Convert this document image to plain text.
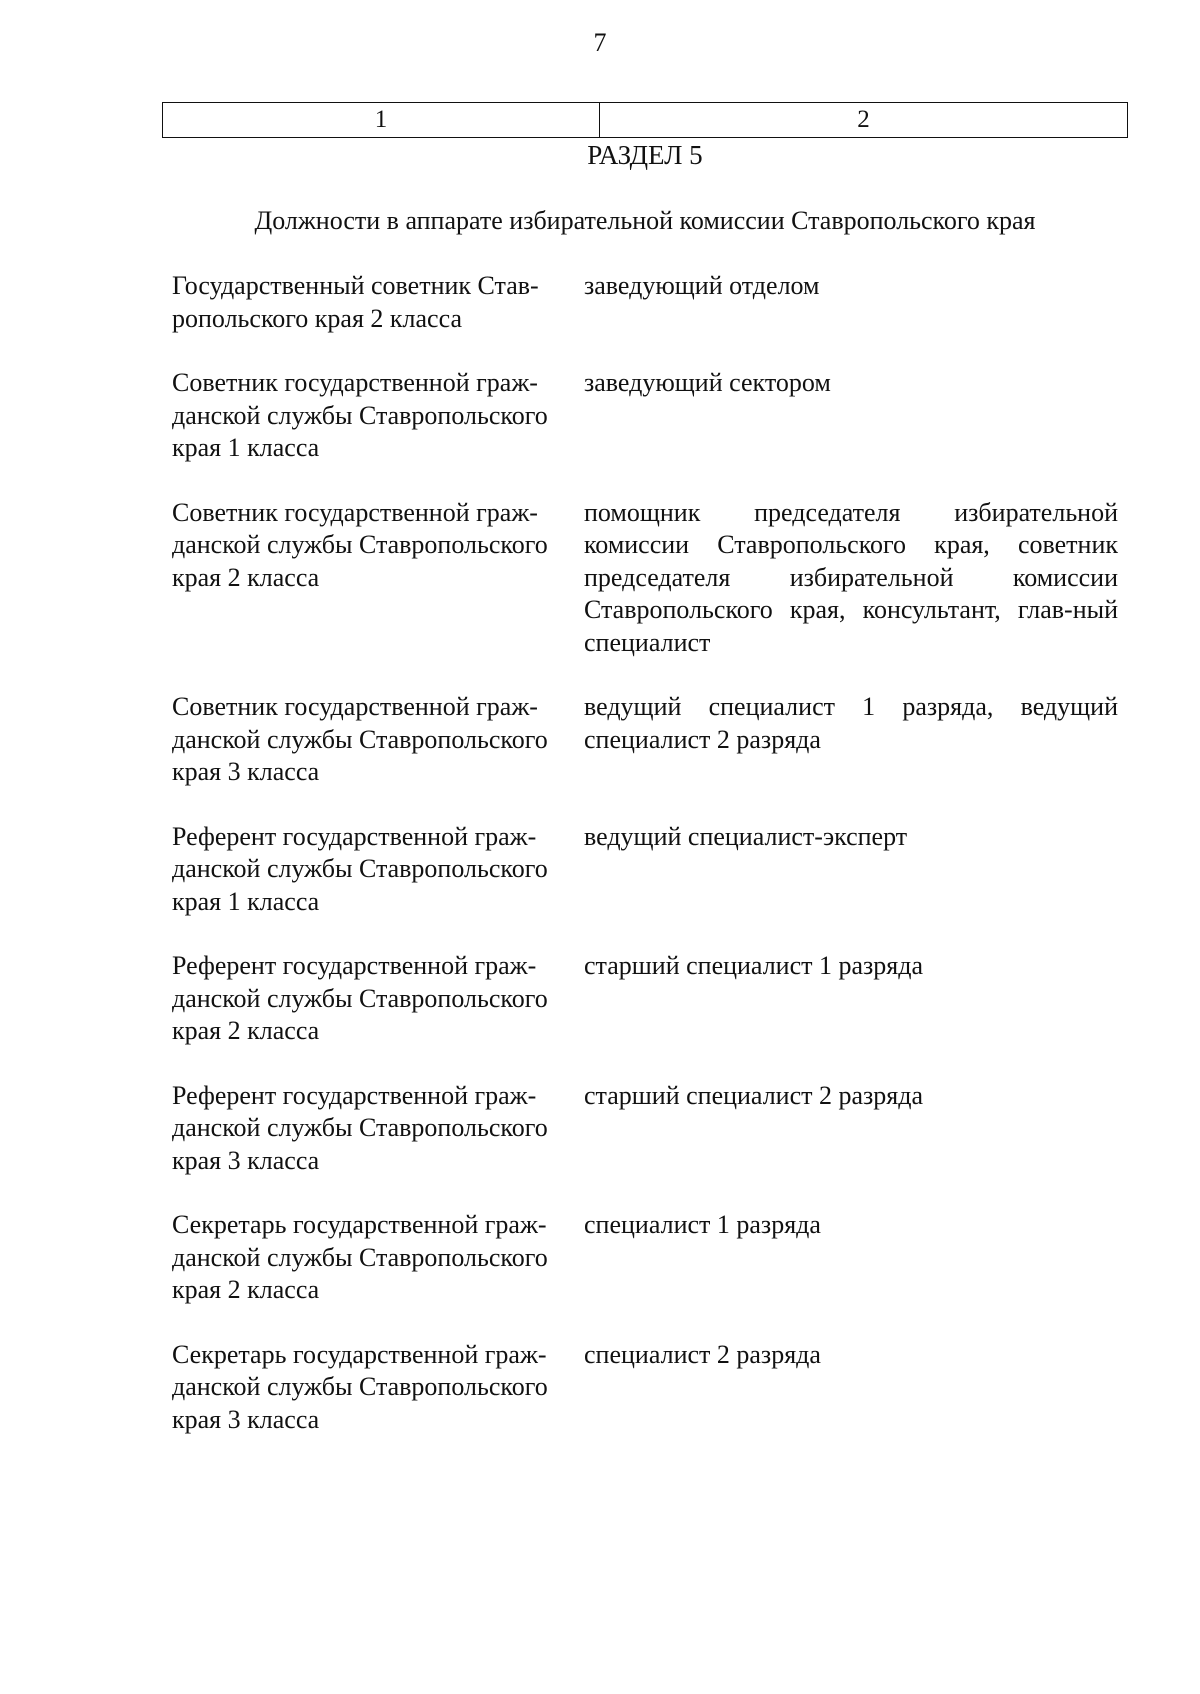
7
1	2
РАЗДЕЛ 5
Должности в аппарате избирательной комиссии Ставропольского края
Государственный советник Став-ропольского края 2 класса
заведующий отделом
Советник государственной граж-данской службы Ставропольского края 1 класса
заведующий сектором
Советник государственной граж-данской службы Ставропольского края 2 класса
помощник председателя избирательной комиссии Ставропольского края, советник председателя избирательной комиссии Ставропольского края, консультант, глав-ный специалист
Советник государственной граж-данской службы Ставропольского края 3 класса
ведущий специалист 1 разряда, ведущий специалист 2 разряда
Референт государственной граж-данской службы Ставропольского края 1 класса
ведущий специалист-эксперт
Референт государственной граж-данской службы Ставропольского края 2 класса
старший специалист 1 разряда
Референт государственной граж-данской службы Ставропольского края 3 класса
старший специалист 2 разряда
Секретарь государственной граж-данской службы Ставропольского края 2 класса
специалист 1 разряда
Секретарь государственной граж-данской службы Ставропольского края 3 класса
специалист 2 разряда
